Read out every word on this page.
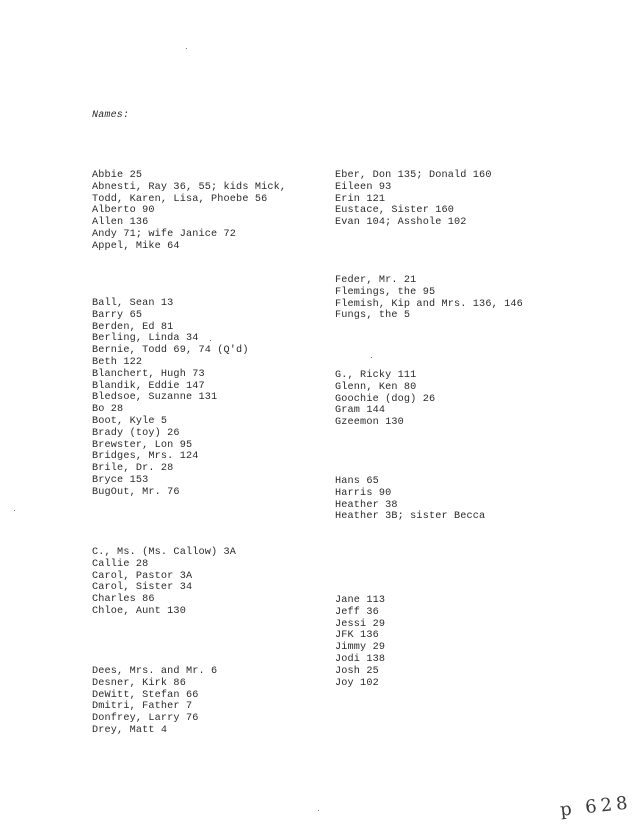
Names:
Abbie 25
Abnesti, Ray 36, 55; kids Mick,
Todd, Karen, Lisa, Phoebe 56
Alberto 90
Allen 136
Andy 71; wife Janice 72
Appel, Mike 64
Ball, Sean 13
Barry 65
Berden, Ed 81
Berling, Linda 34
Bernie, Todd 69, 74 (Q'd)
Beth 122
Blanchert, Hugh 73
Blandik, Eddie 147
Bledsoe, Suzanne 131
Bo 28
Boot, Kyle 5
Brady (toy) 26
Brewster, Lon 95
Bridges, Mrs. 124
Brile, Dr. 28
Bryce 153
BugOut, Mr. 76
C., Ms. (Ms. Callow) 3A
Callie 28
Carol, Pastor 3A
Carol, Sister 34
Charles 86
Chloe, Aunt 130
Dees, Mrs. and Mr. 6
Desner, Kirk 86
DeWitt, Stefan 66
Dmitri, Father 7
Donfrey, Larry 76
Drey, Matt 4
Eber, Don 135; Donald 160
Eileen 93
Erin 121
Eustace, Sister 160
Evan 104; Asshole 102
Feder, Mr. 21
Flemings, the 95
Flemish, Kip and Mrs. 136, 146
Fungs, the 5
G., Ricky 111
Glenn, Ken 80
Goochie (dog) 26
Gram 144
Gzeemon 130
Hans 65
Harris 90
Heather 38
Heather 3B; sister Becca
Jane 113
Jeff 36
Jessi 29
JFK 136
Jimmy 29
Jodi 138
Josh 25
Joy 102
p 628
